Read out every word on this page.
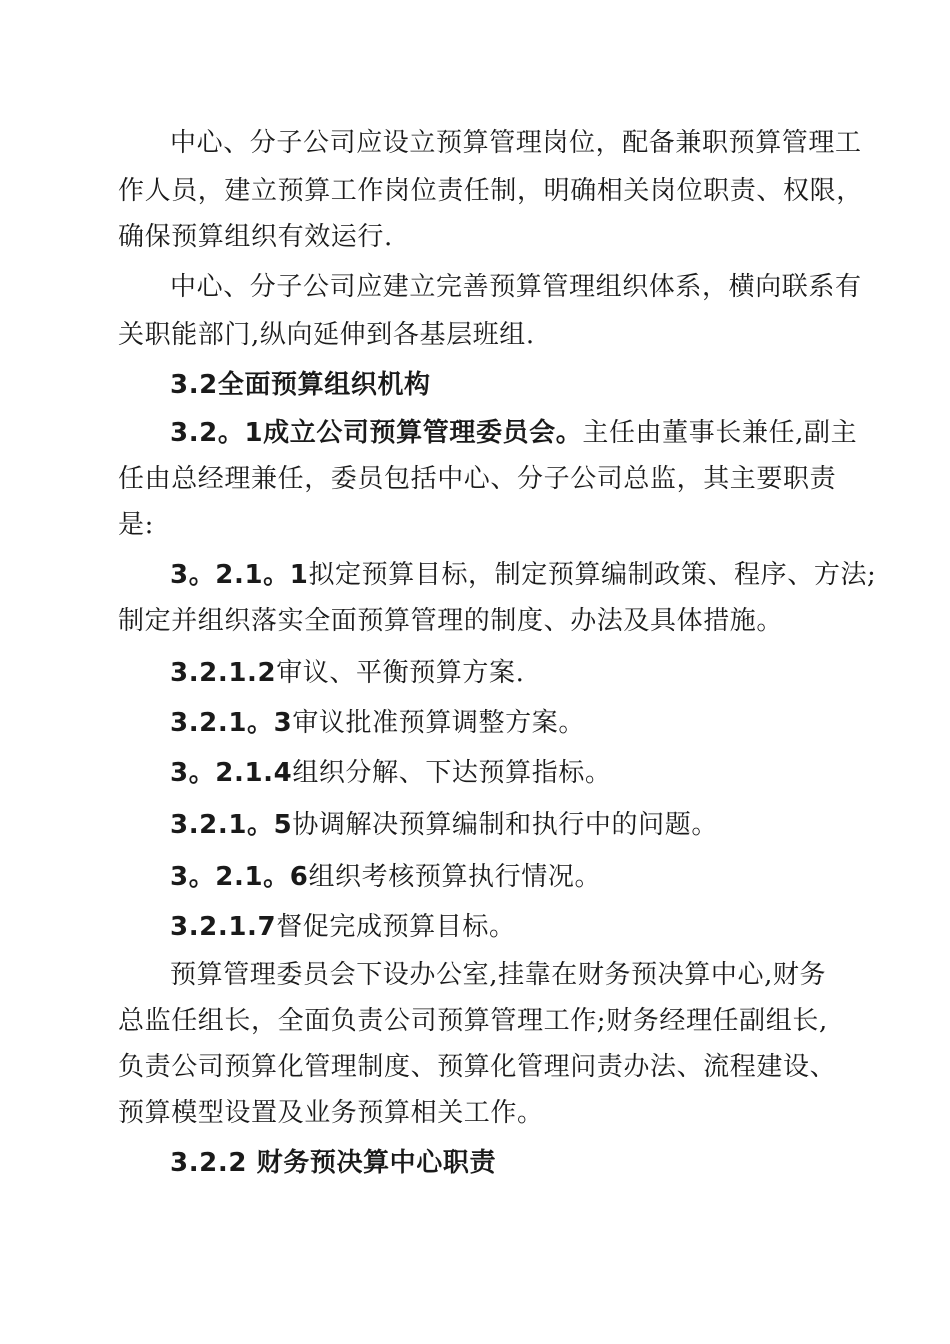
中心、分子公司应设立预算管理岗位，配备兼职预算管理工
作人员，建立预算工作岗位责任制，明确相关岗位职责、权限，
确保预算组织有效运行.
中心、分子公司应建立完善预算管理组织体系，横向联系有
关职能部门,纵向延伸到各基层班组.
3.2全面预算组织机构
3.2。1成立公司预算管理委员会。主任由董事长兼任,副主
任由总经理兼任，委员包括中心、分子公司总监，其主要职责
是:
3。2.1。1拟定预算目标，制定预算编制政策、程序、方法;
制定并组织落实全面预算管理的制度、办法及具体措施。
3.2.1.2审议、平衡预算方案.
3.2.1。3审议批准预算调整方案。
3。2.1.4组织分解、下达预算指标。
3.2.1。5协调解决预算编制和执行中的问题。
3。2.1。6组织考核预算执行情况。
3.2.1.7督促完成预算目标。
预算管理委员会下设办公室,挂靠在财务预决算中心,财务
总监任组长，全面负责公司预算管理工作;财务经理任副组长,
负责公司预算化管理制度、预算化管理问责办法、流程建设、
预算模型设置及业务预算相关工作。
3.2.2 财务预决算中心职责
